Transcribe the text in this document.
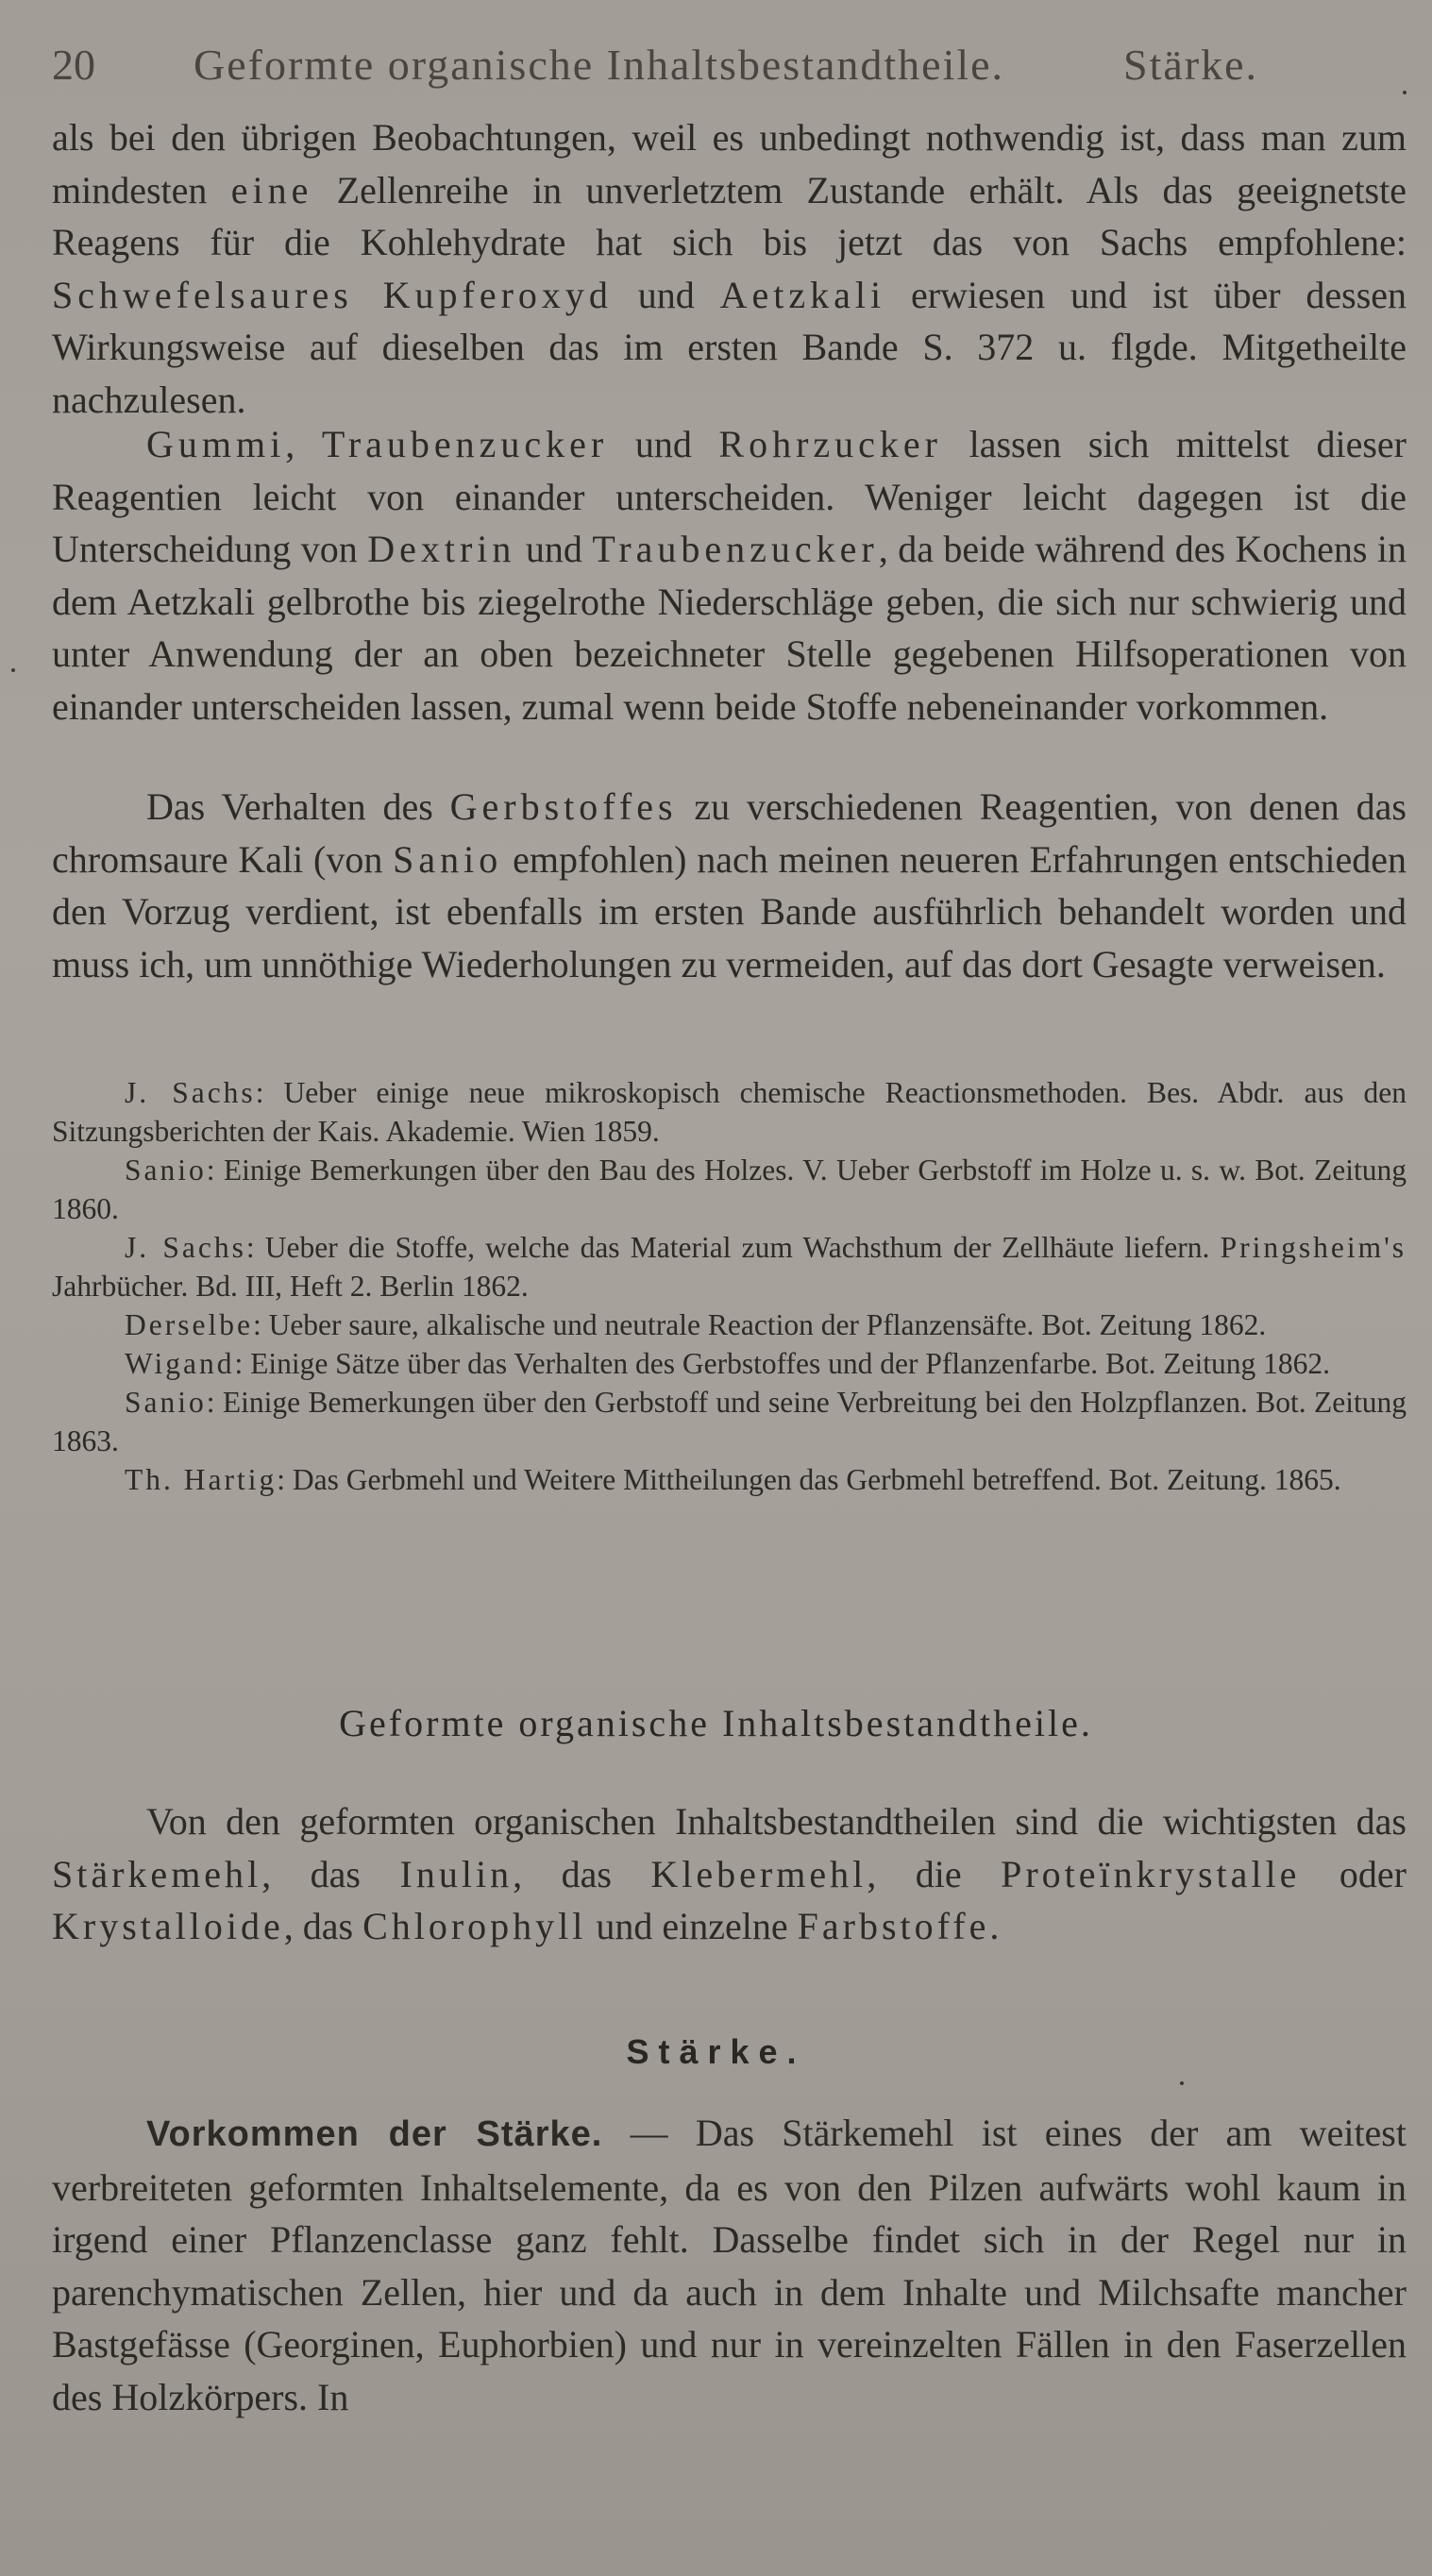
20 Geformte organische Inhaltsbestandtheile.	Stärke.

als bei den übrigen Beobachtungen, weil es unbedingt nothwendig ist, dass man zum mindesten eine Zellenreihe in unverletztem Zustande erhält. Als das geeignetste Reagens für die Kohlehydrate hat sich bis jetzt das von Sachs empfohlene: Schwefelsaures Kupferoxyd und Aetzkali erwiesen und ist über dessen Wirkungsweise auf dieselben das im ersten Bande S. 372 u. flgde. Mitgetheilte nachzulesen.

Gummi, Traubenzucker und Rohrzucker lassen sich mittelst dieser Reagentien leicht von einander unterscheiden. Weniger leicht dagegen ist die Unterscheidung von Dextrin und Traubenzucker, da beide während des Kochens in dem Aetzkali gelbrothe bis ziegelrothe Niederschläge geben, die sich nur schwierig und unter Anwendung der an oben bezeichneter Stelle gegebenen Hilfsoperationen von einander unterscheiden lassen, zumal wenn beide Stoffe nebeneinander vorkommen.

Das Verhalten des Gerbstoffes zu verschiedenen Reagentien, von denen das chromsaure Kali (von Sanio empfohlen) nach meinen neueren Erfahrungen entschieden den Vorzug verdient, ist ebenfalls im ersten Bande ausführlich behandelt worden und muss ich, um unnöthige Wiederholungen zu vermeiden, auf das dort Gesagte verweisen.

J. Sachs: Ueber einige neue mikroskopisch chemische Reactionsmethoden. Bes. Abdr. aus den Sitzungsberichten der Kais. Akademie. Wien 1859.

Sanio: Einige Bemerkungen über den Bau des Holzes. V. Ueber Gerbstoff im Holze u. s. w. Bot. Zeitung 1860.

J. Sachs: Ueber die Stoffe, welche das Material zum Wachsthum der Zellhäute liefern. Pringsheim's Jahrbücher. Bd. III, Heft 2. Berlin 1862.

Derselbe: Ueber saure, alkalische und neutrale Reaction der Pflanzensäfte. Bot. Zeitung 1862.

Wigand: Einige Sätze über das Verhalten des Gerbstoffes und der Pflanzenfarbe. Bot. Zeitung 1862.

Sanio: Einige Bemerkungen über den Gerbstoff und seine Verbreitung bei den Holzpflanzen. Bot. Zeitung 1863.

Th. Hartig: Das Gerbmehl und Weitere Mittheilungen das Gerbmehl betreffend. Bot. Zeitung. 1865.

Geformte organische Inhaltsbestandtheile.

Von den geformten organischen Inhaltsbestandtheilen sind die wichtigsten das Stärkemehl, das Inulin, das Klebermehl, die Proteïnkrystalle oder Krystalloide, das Chlorophyll und einzelne Farbstoffe.

Stärke.

Vorkommen der Stärke. — Das Stärkemehl ist eines der am weitest verbreiteten geformten Inhaltselemente, da es von den Pilzen aufwärts wohl kaum in irgend einer Pflanzenclasse ganz fehlt. Dasselbe findet sich in der Regel nur in parenchymatischen Zellen, hier und da auch in dem Inhalte und Milchsafte mancher Bastgefässe (Georginen, Euphorbien) und nur in vereinzelten Fällen in den Faserzellen des Holzkörpers. In
